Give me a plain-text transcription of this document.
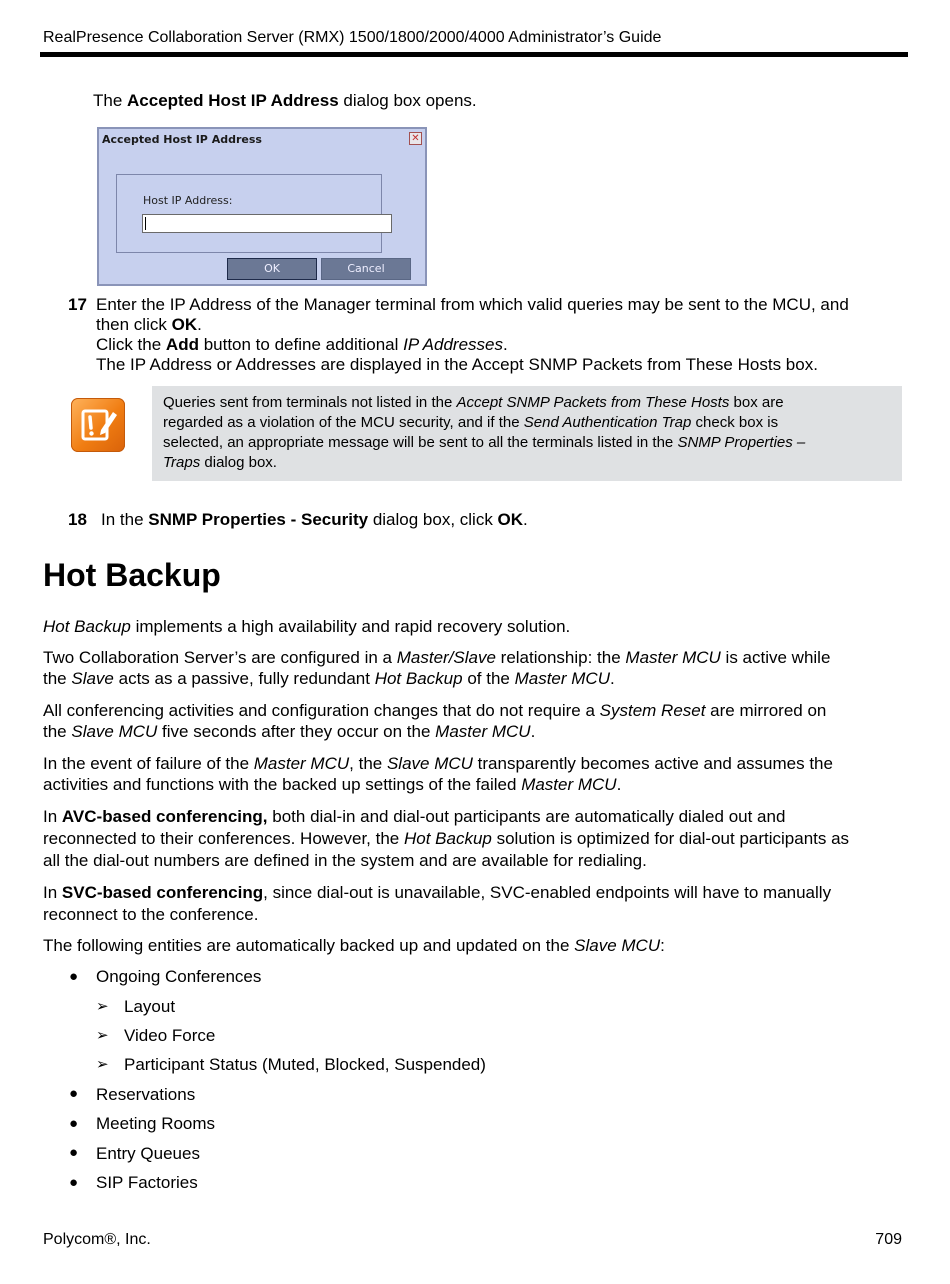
RealPresence Collaboration Server (RMX) 1500/1800/2000/4000 Administrator’s Guide
The Accepted Host IP Address dialog box opens.
Accepted Host IP Address	✕
Host IP Address:
OK	Cancel
17 Enter the IP Address of the Manager terminal from which valid queries may be sent to the MCU, and
then click OK.
Click the Add button to define additional IP Addresses.
The IP Address or Addresses are displayed in the Accept SNMP Packets from These Hosts box.
Queries sent from terminals not listed in the Accept SNMP Packets from These Hosts box are
regarded as a violation of the MCU security, and if the Send Authentication Trap check box is
selected, an appropriate message will be sent to all the terminals listed in the SNMP Properties –
Traps dialog box.
18 In the SNMP Properties - Security dialog box, click OK.
Hot Backup
Hot Backup implements a high availability and rapid recovery solution.
Two Collaboration Server’s are configured in a Master/Slave relationship: the Master MCU is active while
the Slave acts as a passive, fully redundant Hot Backup of the Master MCU.
All conferencing activities and configuration changes that do not require a System Reset are mirrored on
the Slave MCU five seconds after they occur on the Master MCU.
In the event of failure of the Master MCU, the Slave MCU transparently becomes active and assumes the
activities and functions with the backed up settings of the failed Master MCU.
In AVC-based conferencing, both dial-in and dial-out participants are automatically dialed out and
reconnected to their conferences. However, the Hot Backup solution is optimized for dial-out participants as
all the dial-out numbers are defined in the system and are available for redialing.
In SVC-based conferencing, since dial-out is unavailable, SVC-enabled endpoints will have to manually
reconnect to the conference.
The following entities are automatically backed up and updated on the Slave MCU:
● Ongoing Conferences
➢ Layout
➢ Video Force
➢ Participant Status (Muted, Blocked, Suspended)
● Reservations
● Meeting Rooms
● Entry Queues
● SIP Factories
Polycom®, Inc.	709
